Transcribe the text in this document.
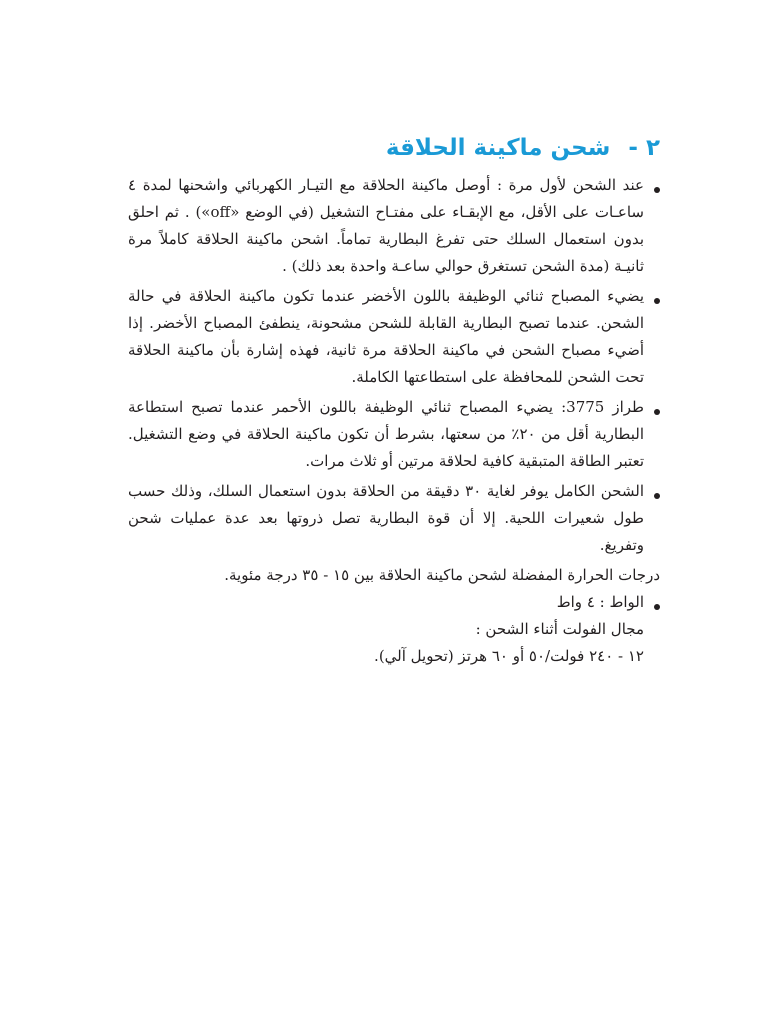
٢ - شحن ماكينة الحلاقة
عند الشحن لأول مرة : أوصل ماكينة الحلاقة مع التيـار الكهربائي واشحنها لمدة ٤ ساعـات على الأقل، مع الإبقـاء على مفتـاح التشغيل (في الوضع «off») . ثم احلق بدون استعمال السلك حتى تفرغ البطارية تماماً. اشحن ماكينة الحلاقة كاملاً مرة ثانيـة (مدة الشحن تستغرق حوالي ساعـة واحدة بعد ذلك) .
يضيء المصباح ثنائي الوظيفة باللون الأخضر عندما تكون ماكينة الحلاقة في حالة الشحن. عندما تصبح البطارية القابلة للشحن مشحونة، ينطفئ المصباح الأخضر. إذا أضيء مصباح الشحن في ماكينة الحلاقة مرة ثانية، فهذه إشارة بأن ماكينة الحلاقة تحت الشحن للمحافظة على استطاعتها الكاملة.
طراز 3775: يضيء المصباح ثنائي الوظيفة باللون الأحمر عندما تصبح استطاعة البطارية أقل من ٢٠٪ من سعتها، بشرط أن تكون ماكينة الحلاقة في وضع التشغيل. تعتبر الطاقة المتبقية كافية لحلاقة مرتين أو ثلاث مرات.
الشحن الكامل يوفر لغاية ٣٠ دقيقة من الحلاقة بدون استعمال السلك، وذلك حسب طول شعيرات اللحية. إلا أن قوة البطارية تصل ذروتها بعد عدة عمليات شحن وتفريغ.
درجات الحرارة المفضلة لشحن ماكينة الحلاقة بين ١٥ - ٣٥ درجة مئوية.
الواط : ٤ واط
مجال الفولت أثناء الشحن :
١٢ - ٢٤٠ فولت/٥٠ أو ٦٠ هرتز (تحويل آلي).
